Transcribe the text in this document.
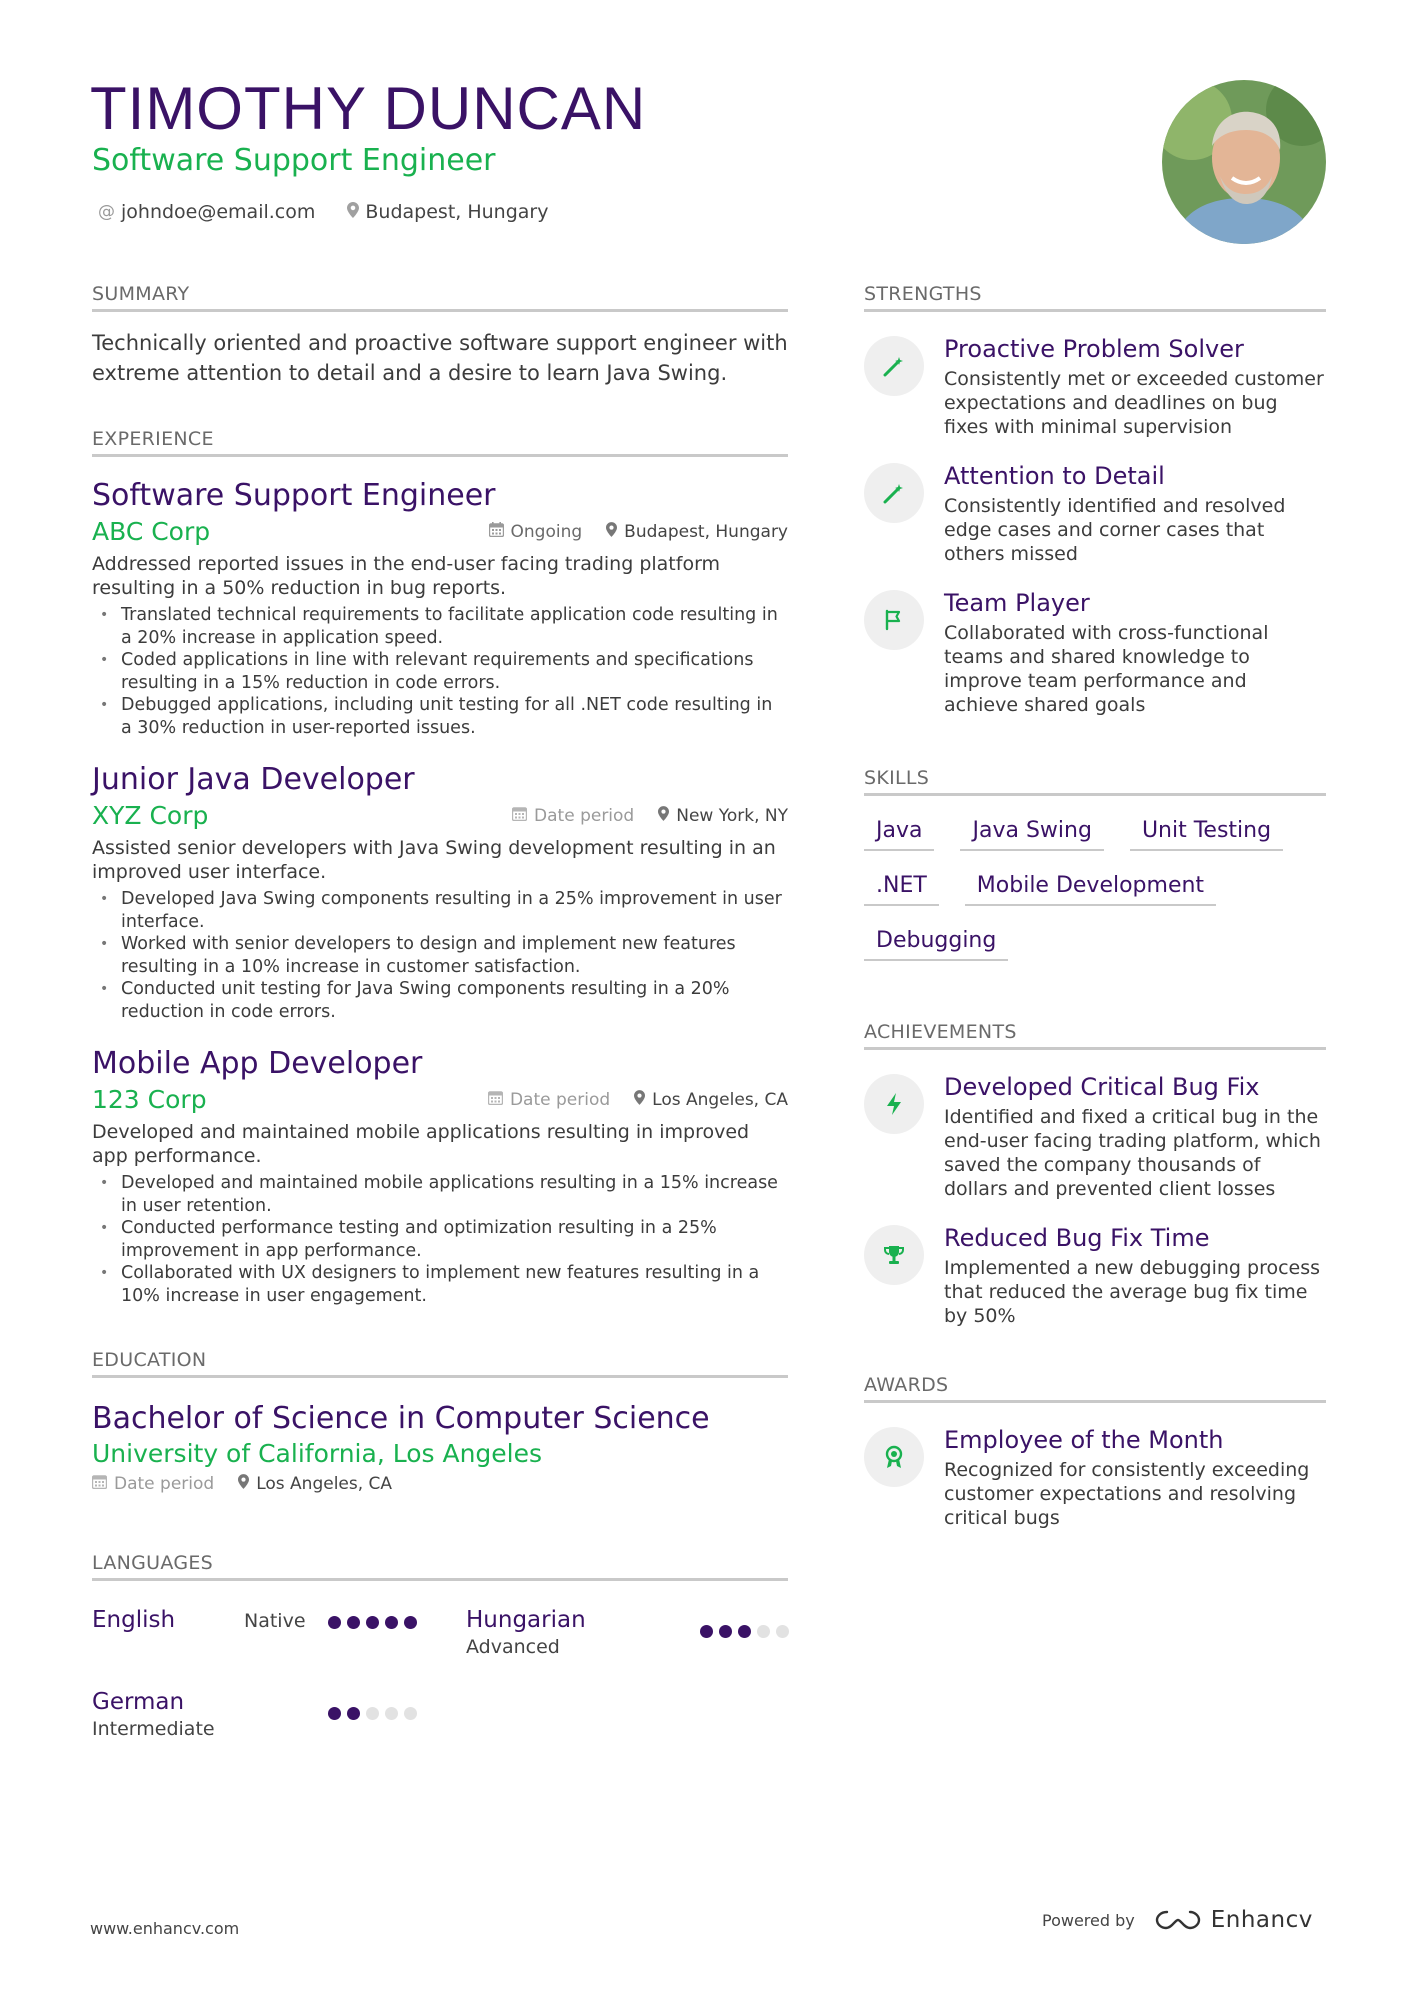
TIMOTHY DUNCAN
Software Support Engineer
@ johndoe@email.com	Budapest, Hungary
SUMMARY
Technically oriented and proactive software support engineer with extreme attention to detail and a desire to learn Java Swing.
EXPERIENCE
Software Support Engineer
ABC Corp	Ongoing Budapest, Hungary
Addressed reported issues in the end-user facing trading platform resulting in a 50% reduction in bug reports.
• Translated technical requirements to facilitate application code resulting in a 20% increase in application speed.
• Coded applications in line with relevant requirements and specifications resulting in a 15% reduction in code errors.
• Debugged applications, including unit testing for all .NET code resulting in a 30% reduction in user-reported issues.
Junior Java Developer
XYZ Corp	Date period New York, NY
Assisted senior developers with Java Swing development resulting in an improved user interface.
• Developed Java Swing components resulting in a 25% improvement in user interface.
• Worked with senior developers to design and implement new features resulting in a 10% increase in customer satisfaction.
• Conducted unit testing for Java Swing components resulting in a 20% reduction in code errors.
Mobile App Developer
123 Corp	Date period Los Angeles, CA
Developed and maintained mobile applications resulting in improved app performance.
• Developed and maintained mobile applications resulting in a 15% increase in user retention.
• Conducted performance testing and optimization resulting in a 25% improvement in app performance.
• Collaborated with UX designers to implement new features resulting in a 10% increase in user engagement.
EDUCATION
Bachelor of Science in Computer Science
University of California, Los Angeles
Date period Los Angeles, CA
LANGUAGES
English	Native	Hungarian
Advanced
German
Intermediate
STRENGTHS
Proactive Problem Solver
Consistently met or exceeded customer expectations and deadlines on bug fixes with minimal supervision
Attention to Detail
Consistently identified and resolved edge cases and corner cases that others missed
Team Player
Collaborated with cross-functional teams and shared knowledge to improve team performance and achieve shared goals
SKILLS
Java	Java Swing	Unit Testing
.NET	Mobile Development
Debugging
ACHIEVEMENTS
Developed Critical Bug Fix
Identified and fixed a critical bug in the end-user facing trading platform, which saved the company thousands of dollars and prevented client losses
Reduced Bug Fix Time
Implemented a new debugging process that reduced the average bug fix time by 50%
AWARDS
Employee of the Month
Recognized for consistently exceeding customer expectations and resolving critical bugs
www.enhancv.com	Powered by	Enhancv
